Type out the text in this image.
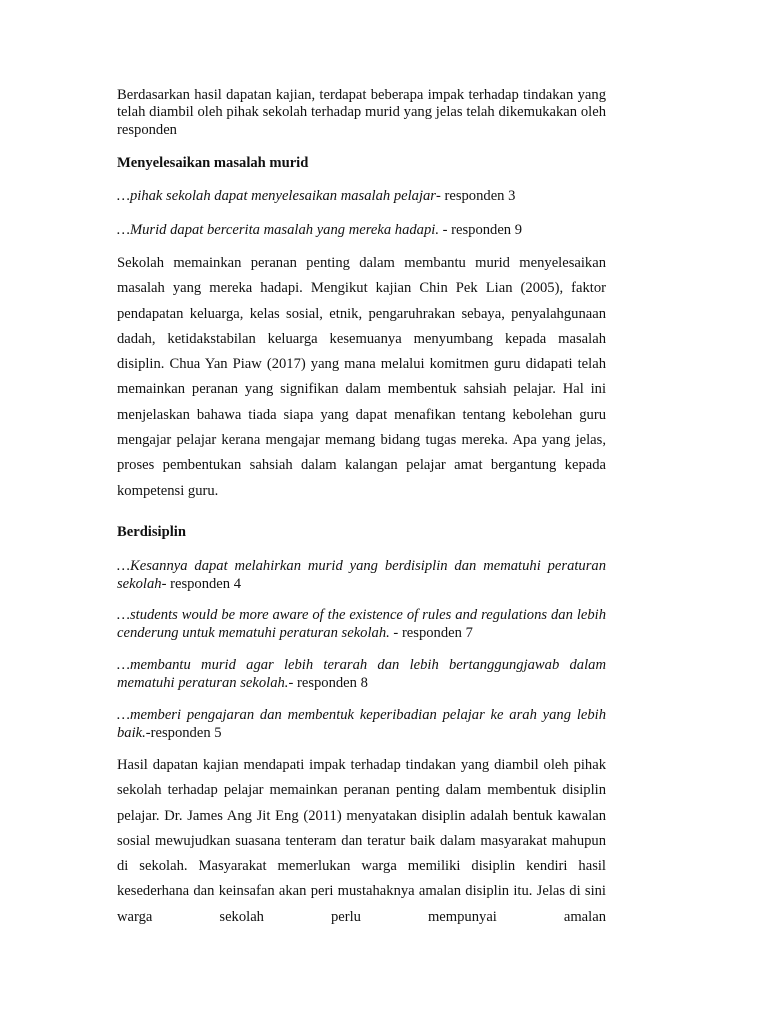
Berdasarkan hasil dapatan kajian, terdapat beberapa impak terhadap tindakan yang telah diambil oleh pihak sekolah terhadap murid yang jelas telah dikemukakan oleh responden

Menyelesaikan masalah murid

…pihak sekolah dapat menyelesaikan masalah pelajar- responden 3

…Murid dapat bercerita masalah yang mereka hadapi. - responden 9

Sekolah memainkan peranan penting dalam membantu murid menyelesaikan masalah yang mereka hadapi. Mengikut kajian Chin Pek Lian (2005), faktor pendapatan keluarga, kelas sosial, etnik, pengaruhrakan sebaya, penyalahgunaan dadah, ketidakstabilan keluarga kesemuanya menyumbang kepada masalah disiplin. Chua Yan Piaw (2017) yang mana melalui komitmen guru didapati telah memainkan peranan yang signifikan dalam membentuk sahsiah pelajar. Hal ini menjelaskan bahawa tiada siapa yang dapat menafikan tentang kebolehan guru mengajar pelajar kerana mengajar memang bidang tugas mereka. Apa yang jelas, proses pembentukan sahsiah dalam kalangan pelajar amat bergantung kepada kompetensi guru.

Berdisiplin

…Kesannya dapat melahirkan murid yang berdisiplin dan mematuhi peraturan sekolah- responden 4

…students would be more aware of the existence of rules and regulations dan lebih cenderung untuk mematuhi peraturan sekolah. - responden 7

…membantu murid agar lebih terarah dan lebih bertanggungjawab dalam mematuhi peraturan sekolah.- responden 8

…memberi pengajaran dan membentuk keperibadian pelajar ke arah yang lebih baik.-responden 5

Hasil dapatan kajian mendapati impak terhadap tindakan yang diambil oleh pihak sekolah terhadap pelajar memainkan peranan penting dalam membentuk disiplin pelajar. Dr. James Ang Jit Eng (2011) menyatakan disiplin adalah bentuk kawalan sosial mewujudkan suasana tenteram dan teratur baik dalam masyarakat mahupun di sekolah. Masyarakat memerlukan warga memiliki disiplin kendiri hasil kesederhana dan keinsafan akan peri mustahaknya amalan disiplin itu. Jelas di sini warga sekolah perlu mempunyai amalan
